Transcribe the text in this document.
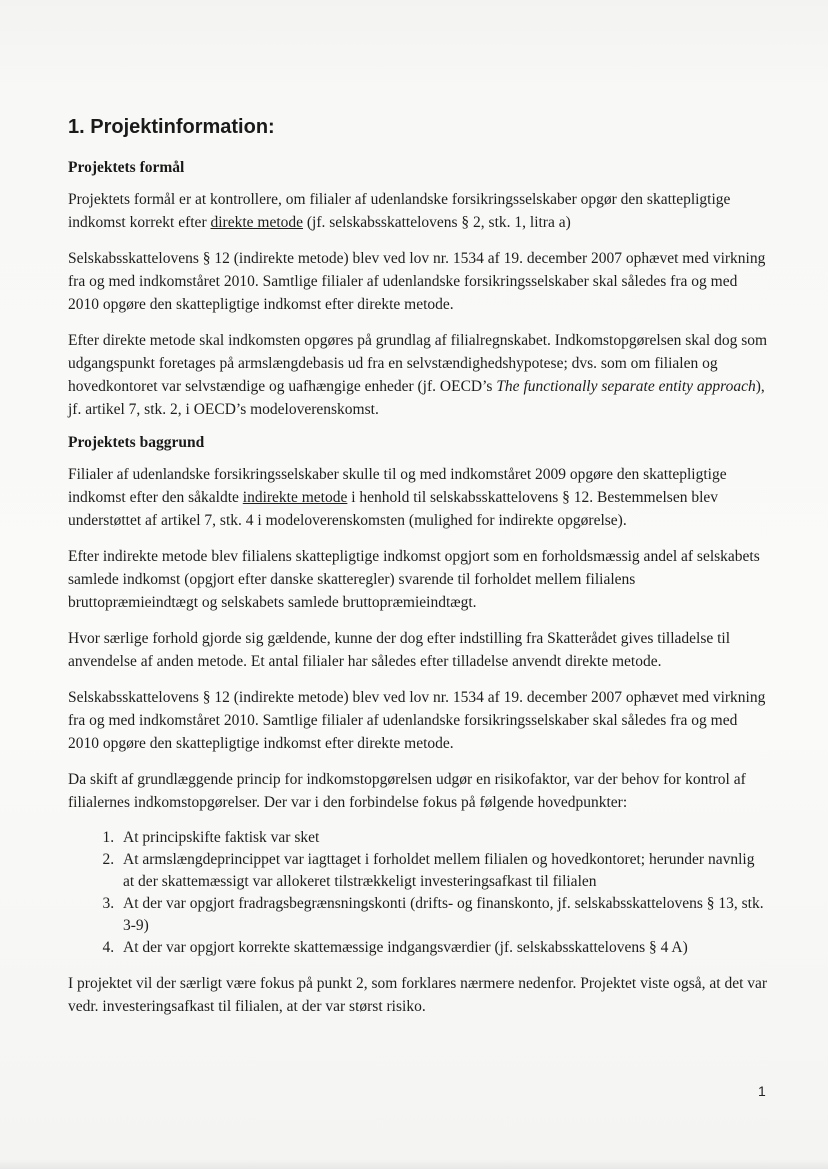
1. Projektinformation:
Projektets formål

Projektets formål er at kontrollere, om filialer af udenlandske forsikringsselskaber opgør den skattepligtige indkomst korrekt efter direkte metode (jf. selskabsskattelovens § 2, stk. 1, litra a)

Selskabsskattelovens § 12 (indirekte metode) blev ved lov nr. 1534 af 19. december 2007 ophævet med virkning fra og med indkomståret 2010. Samtlige filialer af udenlandske forsikringsselskaber skal således fra og med 2010 opgøre den skattepligtige indkomst efter direkte metode.

Efter direkte metode skal indkomsten opgøres på grundlag af filialregnskabet. Indkomstopgørelsen skal dog som udgangspunkt foretages på armslængdebasis ud fra en selvstændighedshypotese; dvs. som om filialen og hovedkontoret var selvstændige og uafhængige enheder (jf. OECD’s The functionally separate entity approach), jf. artikel 7, stk. 2, i OECD’s modeloverenskomst.

Projektets baggrund

Filialer af udenlandske forsikringsselskaber skulle til og med indkomståret 2009 opgøre den skattepligtige indkomst efter den såkaldte indirekte metode i henhold til selskabsskattelovens § 12. Bestemmelsen blev understøttet af artikel 7, stk. 4 i modeloverenskomsten (mulighed for indirekte opgørelse).

Efter indirekte metode blev filialens skattepligtige indkomst opgjort som en forholdsmæssig andel af selskabets samlede indkomst (opgjort efter danske skatteregler) svarende til forholdet mellem filialens bruttopræmieindtægt og selskabets samlede bruttopræmieindtægt.

Hvor særlige forhold gjorde sig gældende, kunne der dog efter indstilling fra Skatterådet gives tilladelse til anvendelse af anden metode. Et antal filialer har således efter tilladelse anvendt direkte metode.

Selskabsskattelovens § 12 (indirekte metode) blev ved lov nr. 1534 af 19. december 2007 ophævet med virkning fra og med indkomståret 2010. Samtlige filialer af udenlandske forsikringsselskaber skal således fra og med 2010 opgøre den skattepligtige indkomst efter direkte metode.

Da skift af grundlæggende princip for indkomstopgørelsen udgør en risikofaktor, var der behov for kontrol af filialernes indkomstopgørelser. Der var i den forbindelse fokus på følgende hovedpunkter:

1. At principskifte faktisk var sket
2. At armslængdeprincippet var iagttaget i forholdet mellem filialen og hovedkontoret; herunder navnlig at der skattemæssigt var allokeret tilstrækkeligt investeringsafkast til filialen
3. At der var opgjort fradragsbegrænsningskonti (drifts- og finanskonto, jf. selskabsskattelovens § 13, stk. 3-9)
4. At der var opgjort korrekte skattemæssige indgangsværdier (jf. selskabsskattelovens § 4 A)

I projektet vil der særligt være fokus på punkt 2, som forklares nærmere nedenfor. Projektet viste også, at det var vedr. investeringsafkast til filialen, at der var størst risiko.

1
